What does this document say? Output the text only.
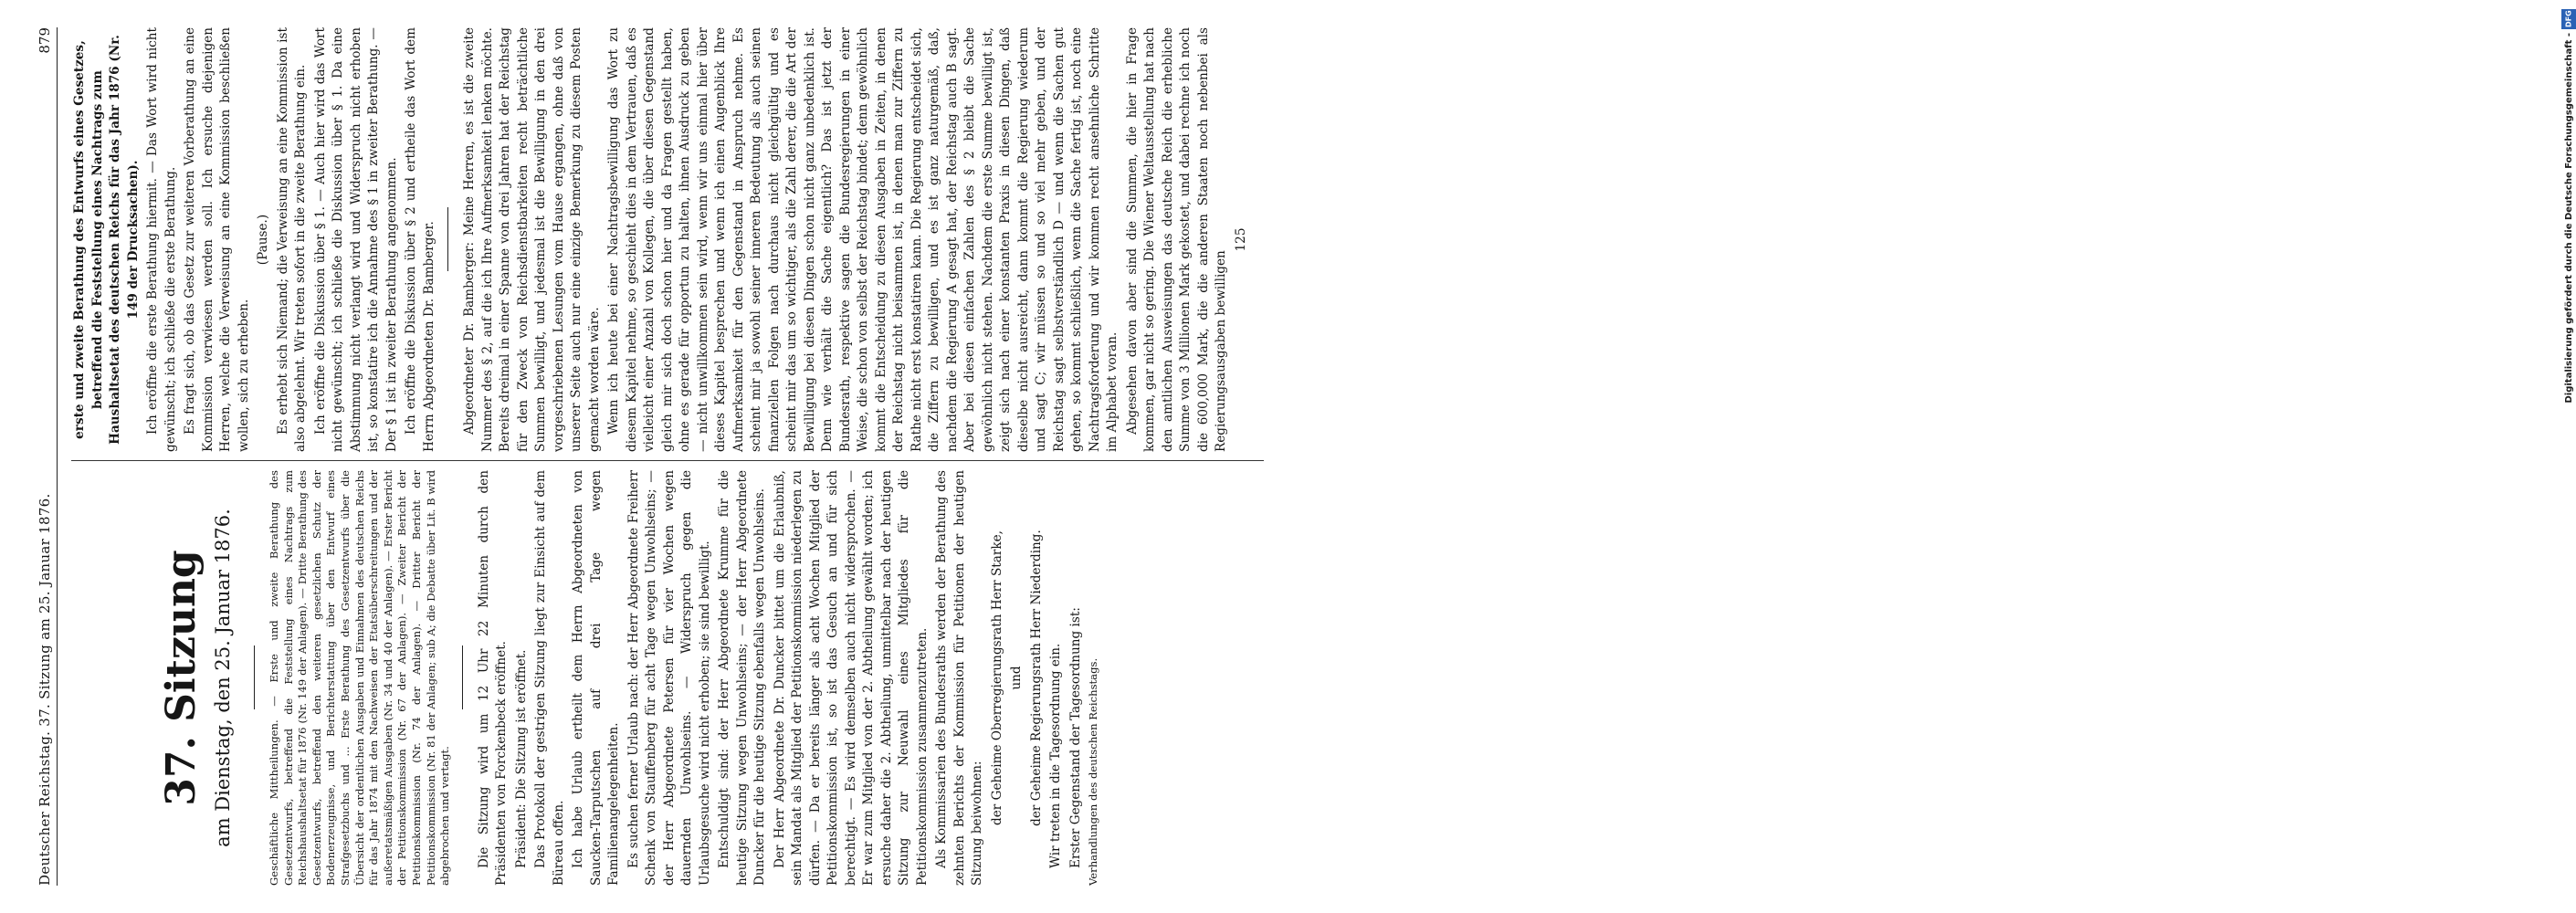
Deutscher Reichstag. 37. Sitzung am 25. Januar 1876.
879
37. Sitzung am Dienstag, den 25. Januar 1876.	Geschäftliche Mittheilungen. — Erste und zweite Berathung des Gesetzentwurfs, betreffend die Feststellung eines Nachtrags zum Reichshaushaltsetat für 1876 (Nr. 149 der Anlagen). — Dritte Berathung des Gesetzentwurfs, betreffend den weiteren gesetzlichen Schutz der Bodenerzeugnisse, und Berichterstattung über den Entwurf eines Strafgesetzbuchs und ... Erste Berathung des Gesetzentwurfs über die Übersicht der ordentlichen Ausgaben und Einnahmen des deutschen Reichs für das Jahr 1874 mit den Nachweisen der Etatsüberschreitungen und der außeretatsmäßigen Ausgaben (Nr. 34 und 40 der Anlagen). — Erster Bericht der Petitionskommission (Nr. 67 der Anlagen). — Zweiter Bericht der Petitionskommission (Nr. 74 der Anlagen). — Dritter Bericht der Petitionskommission (Nr. 81 der Anlagen; sub A; die Debatte über Lit. B wird abgebrochen und vertagt. Die Sitzung wird um 12 Uhr 22 Minuten durch den Präsidenten von Forckenbeck eröffnet. Präsident: Die Sitzung ist eröffnet. Das Protokoll der gestrigen Sitzung liegt zur Einsicht auf dem Büreau offen. Ich habe Urlaub ertheilt dem Herrn Abgeordneten von Saucken-Tarputschen auf drei Tage wegen Familienangelegenheiten. Es suchen ferner Urlaub nach: der Herr Abgeordnete Freiherr Schenk von Stauffenberg für acht Tage wegen Unwohlseins; — der Herr Abgeordnete Petersen für vier Wochen wegen dauernden Unwohlseins. — Widerspruch gegen die Urlaubsgesuche wird nicht erhoben; sie sind bewilligt. Entschuldigt sind: der Herr Abgeordnete Krumme für die heutige Sitzung wegen Unwohlseins; — der Herr Abgeordnete Duncker für die heutige Sitzung ebenfalls wegen Unwohlseins. Der Herr Abgeordnete Dr. Duncker bittet um die Erlaubniß, sein Mandat als Mitglied der Petitionskommission niederlegen zu dürfen. — Da er bereits länger als acht Wochen Mitglied der Petitionskommission ist, so ist das Gesuch an und für sich berechtigt. — Es wird demselben auch nicht widersprochen. — Er war zum Mitglied von der 2. Abtheilung gewählt worden; ich ersuche daher die 2. Abtheilung, unmittelbar nach der heutigen Sitzung zur Neuwahl eines Mitgliedes für die Petitionskommission zusammenzutreten. Als Kommissarien des Bundesraths werden der Berathung des zehnten Berichts der Kommission für Petitionen der heutigen Sitzung beiwohnen: der Geheime Oberregierungsrath Herr Starke, und der Geheime Regierungsrath Herr Niederding. Wir treten in die Tagesordnung ein. Erster Gegenstand der Tagesordnung ist: Verhandlungen des deutschen Reichstags.

erste und zweite Berathung des Entwurfs eines Gesetzes, betreffend die Feststellung eines Nachtrags zum Haushaltsetat des deutschen Reichs für das Jahr 1876 (Nr. 149 der Drucksachen). Ich eröffne die erste Berathung hiermit. — Das Wort wird nicht gewünscht; ich schließe die erste Berathung. Es fragt sich, ob das Gesetz zur weiteren Vorberathung an eine Kommission verwiesen werden soll. Ich ersuche diejenigen Herren, welche die Verweisung an eine Kommission beschließen wollen, sich zu erheben.

(Pause.) Es erhebt sich Niemand; die Verweisung an eine Kommission ist also abgelehnt. Wir treten sofort in die zweite Berathung ein. Ich eröffne die Diskussion über § 1. — Auch hier wird das Wort nicht gewünscht; ich schließe die Diskussion über § 1. Da eine Abstimmung nicht verlangt wird und Widerspruch nicht erhoben ist, so konstatire ich die Annahme des § 1 in zweiter Berathung. — Der § 1 ist in zweiter Berathung angenommen. Ich eröffne die Diskussion über § 2 und ertheile das Wort dem Herrn Abgeordneten Dr. Bamberger. Abgeordneter Dr. Bamberger: Meine Herren, es ist die zweite Nummer des § 2, auf die ich Ihre Aufmerksamkeit lenken möchte. Bereits dreimal in einer Spanne von drei Jahren hat der Reichstag für den Zweck von Reichsdienstbarkeiten recht beträchtliche Summen bewilligt, und jedesmal ist die Bewilligung in den drei vorgeschriebenen Lesungen vom Hause ergangen, ohne daß von unserer Seite auch nur eine einzige Bemerkung zu diesem Posten gemacht worden wäre. Wenn ich heute bei einer Nachtragsbewilligung das Wort zu diesem Kapitel nehme, so geschieht dies in dem Vertrauen, daß es vielleicht einer Anzahl von Kollegen, die über diesen Gegenstand gleich mir sich doch schon hier und da Fragen gestellt haben, ohne es gerade für opportun zu halten, ihnen Ausdruck zu geben — nicht unwillkommen sein wird, wenn wir uns einmal hier über dieses Kapitel besprechen und wenn ich einen Augenblick Ihre Aufmerksamkeit für den Gegenstand in Anspruch nehme. Es scheint mir ja sowohl seiner inneren Bedeutung als auch seinen finanziellen Folgen nach durchaus nicht gleichgültig und es scheint mir das um so wichtiger, als die Zahl derer, die die Art der Bewilligung bei diesen Dingen schon nicht ganz unbedenklich ist. Denn wie verhält die Sache eigentlich? Das ist jetzt der Bundesrath, respektive sagen die Bundesregierungen in einer Weise, die schon von selbst der Reichstag bindet; denn gewöhnlich kommt die Entscheidung zu diesen Ausgaben in Zeiten, in denen der Reichstag nicht beisammen ist, in denen man zur Ziffern zu Rathe nicht erst konstatiren kann. Die Regierung entscheidet sich, die Ziffern zu bewilligen, und es ist ganz naturgemäß, daß, nachdem die Regierung A gesagt hat, der Reichstag auch B sagt. Aber bei diesen einfachen Zahlen des § 2 bleibt die Sache gewöhnlich nicht stehen. Nachdem die erste Summe bewilligt ist, zeigt sich nach einer konstanten Praxis in diesen Dingen, daß dieselbe nicht ausreicht, dann kommt die Regierung wiederum und sagt C; wir müssen so und so viel mehr geben, und der Reichstag sagt selbstverständlich D — und wenn die Sachen gut gehen, so kommt schließlich, wenn die Sache fertig ist, noch eine Nachtragsforderung und wir kommen recht ansehnliche Schritte im Alphabet voran. Abgesehen davon aber sind die Summen, die hier in Frage kommen, gar nicht so gering. Die Wiener Weltausstellung hat nach den amtlichen Ausweisungen das deutsche Reich die erhebliche Summe von 3 Millionen Mark gekostet, und dabei rechne ich noch die 600,000 Mark, die die anderen Staaten noch nebenbei als Regierungsausgaben bewilligen

125

DFG
Digitalisierung gefördert durch die Deutsche Forschungsgemeinschaft -
